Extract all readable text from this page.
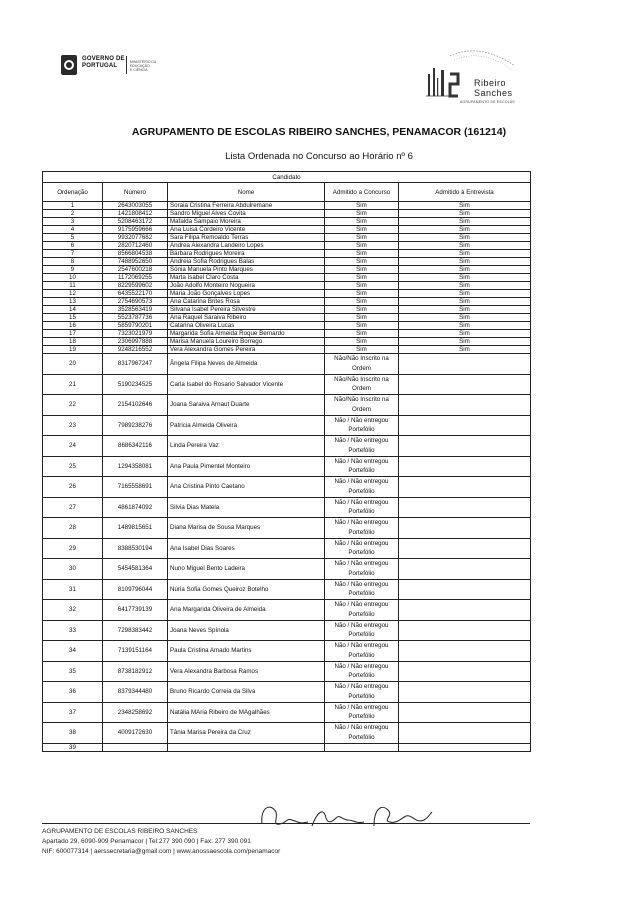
GOVERNO DE
PORTUGAL
MINISTÉRIO DA EDUCAÇÃO
E CIÊNCIA
Ribeiro
Sanches
AGRUPAMENTO DE ESCOLAS
AGRUPAMENTO DE ESCOLAS RIBEIRO SANCHES, PENAMACOR (161214)
Lista Ordenada no Concurso ao Horário nº 6
Candidato				
Ordenação	Número	Nome	Admitido a Concurso	Admitido à Entrevista
1	2643003055	Soraia Cristina Ferreira Abdulremane	Sim	Sim
2	1421808412	Sandro Miguel Alves Covita	Sim	Sim
3	5208463172	Mafalda Sampaio Moreira	Sim	Sim
4	9175959666	Ana Luisa Cordeiro Vicente	Sim	Sim
5	9932077682	Sara Filipa Remoaldo Terras	Sim	Sim
6	2820712460	Andrea Alexandra Landeiro Lopes	Sim	Sim
7	8566804538	Bárbara Rodrigues Moreira	Sim	Sim
8	7488952650	Andreia Sofia Rodrigues Balas	Sim	Sim
9	2547600218	Sónia Manuela Pinto Marques	Sim	Sim
10	1172069255	Marta Isabel Claro Costa	Sim	Sim
11	8229599602	João Adolfo Monteiro Nogueira	Sim	Sim
12	6435522170	Maria João Gonçalves Lopes	Sim	Sim
13	2754690573	Ana Catarina Brites Rosa	Sim	Sim
14	3528563419	Silvana Isabel Pereira Silvestre	Sim	Sim
15	5523787736	Ana Raquel Saraiva Ribeiro	Sim	Sim
16	5859790201	Catarina Oliveira Lucas	Sim	Sim
17	7323021979	Margarida Sofia Almeida Roque Bernardo	Sim	Sim
18	2306997888	Marisa Manuela Loureiro Borrego	Sim	Sim
19	9248216552	Vera Alexandra Gomes Pereira	Sim	Sim
20	8317967247	Ângela Filipa Neves de Almeida	Não/Não Inscrito na Ordem	
21	5190234525	Carla Isabel do Rosario Salvador Vicente	Não/Não Inscrito na Ordem	
22	2154102646	Joana Saraiva Arnaut Duarte	Não/Não Inscrito na Ordem	
23	7989238276	Patricia Almeida Oliveira	Não / Não entregou Portefólio	
24	8686342116	Linda Pereira Vaz	Não / Não entregou Portefólio	
25	1294358081	Ana Paula Pimentel Monteiro	Não / Não entregou Portefólio	
26	7165558691	Ana Cristina Pinto Caetano	Não / Não entregou Portefólio	
27	4861874092	Silvia Dias Matela	Não / Não entregou Portefólio	
28	1489815651	Diana Marisa de Sousa Marques	Não / Não entregou Portefólio	
29	8388530194	Ana Isabel Dias Soares	Não / Não entregou Portefólio	
30	5454581364	Nuno Miguel Bento Ladeira	Não / Não entregou Portefólio	
31	8109796044	Núria Sofia Gomes Queiroz Botelho	Não / Não entregou Portefólio	
32	6417739139	Ana Margarida Oliveira de Almeida	Não / Não entregou Portefólio	
33	7298383442	Joana Neves Spínola	Não / Não entregou Portefólio	
34	7139151164	Paula Cristina Amado Martins	Não / Não entregou Portefólio	
35	8738182912	Vera Alexandra Barbosa Ramos	Não / Não entregou Portefólio	
36	8379344480	Bruno Ricardo Correia da Silva	Não / Não entregou Portefólio	
37	2348258692	Natália MAria Ribeiro de MAgalhães	Não / Não entregou Portefólio	
38	4009172630	Tânia Marisa Pereira da Cruz	Não / Não entregou Portefólio	
39				
AGRUPAMENTO DE ESCOLAS RIBEIRO SANCHES
Apartado 29, 6090-909 Penamacor | Tel:277 390 090 | Fax: 277 390 091
NIF: 600077314 | aerssecretaria@gmail.com | www.anossaescola.com/penamacor
